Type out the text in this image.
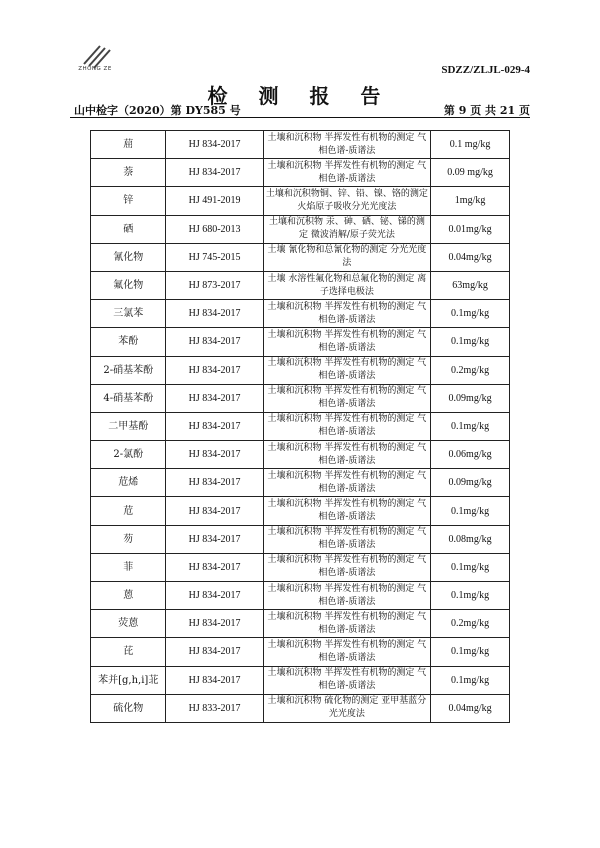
ZHONG ZE	SDZZ/ZLJL-029-4
检 测 报 告
山中检字（2020）第 DY585 号	第 9 页 共 21 页
䓛	HJ 834-2017	土壤和沉积物 半挥发性有机物的测定 气相色谱-质谱法	0.1 mg/kg
萘	HJ 834-2017	土壤和沉积物 半挥发性有机物的测定 气相色谱-质谱法	0.09 mg/kg
锌	HJ 491-2019	土壤和沉积物铜、锌、铅、镍、铬的测定火焰原子吸收分光光度法	1mg/kg
硒	HJ 680-2013	土壤和沉积物 汞、砷、硒、铋、锑的测定 微波消解/原子荧光法	0.01mg/kg
氰化物	HJ 745-2015	土壤 氰化物和总氰化物的测定 分光光度法	0.04mg/kg
氟化物	HJ 873-2017	土壤 水溶性氟化物和总氟化物的测定 离子选择电极法	63mg/kg
三氯苯	HJ 834-2017	土壤和沉积物 半挥发性有机物的测定 气相色谱-质谱法	0.1mg/kg
苯酚	HJ 834-2017	土壤和沉积物 半挥发性有机物的测定 气相色谱-质谱法	0.1mg/kg
2-硝基苯酚	HJ 834-2017	土壤和沉积物 半挥发性有机物的测定 气相色谱-质谱法	0.2mg/kg
4-硝基苯酚	HJ 834-2017	土壤和沉积物 半挥发性有机物的测定 气相色谱-质谱法	0.09mg/kg
二甲基酚	HJ 834-2017	土壤和沉积物 半挥发性有机物的测定 气相色谱-质谱法	0.1mg/kg
2-氯酚	HJ 834-2017	土壤和沉积物 半挥发性有机物的测定 气相色谱-质谱法	0.06mg/kg
苊烯	HJ 834-2017	土壤和沉积物 半挥发性有机物的测定 气相色谱-质谱法	0.09mg/kg
苊	HJ 834-2017	土壤和沉积物 半挥发性有机物的测定 气相色谱-质谱法	0.1mg/kg
芴	HJ 834-2017	土壤和沉积物 半挥发性有机物的测定 气相色谱-质谱法	0.08mg/kg
菲	HJ 834-2017	土壤和沉积物 半挥发性有机物的测定 气相色谱-质谱法	0.1mg/kg
蒽	HJ 834-2017	土壤和沉积物 半挥发性有机物的测定 气相色谱-质谱法	0.1mg/kg
荧蒽	HJ 834-2017	土壤和沉积物 半挥发性有机物的测定 气相色谱-质谱法	0.2mg/kg
芘	HJ 834-2017	土壤和沉积物 半挥发性有机物的测定 气相色谱-质谱法	0.1mg/kg
苯并[g,h,i]苝	HJ 834-2017	土壤和沉积物 半挥发性有机物的测定 气相色谱-质谱法	0.1mg/kg
硫化物	HJ 833-2017	土壤和沉积物 硫化物的测定 亚甲基蓝分光光度法	0.04mg/kg
